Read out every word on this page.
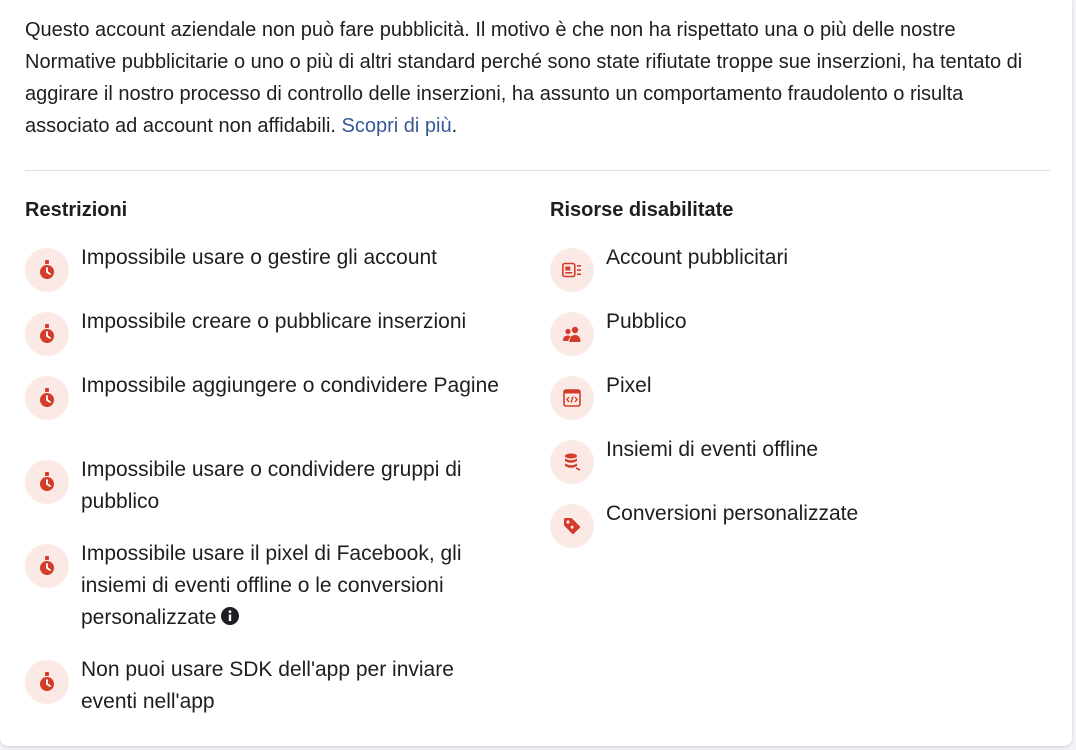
Questo account aziendale non può fare pubblicità. Il motivo è che non ha rispettato una o più delle nostre Normative pubblicitarie o uno o più di altri standard perché sono state rifiutate troppe sue inserzioni, ha tentato di aggirare il nostro processo di controllo delle inserzioni, ha assunto un comportamento fraudolento o risulta associato ad account non affidabili. Scopri di più.

Restrizioni
Impossibile usare o gestire gli account
Impossibile creare o pubblicare inserzioni
Impossibile aggiungere o condividere Pagine
Impossibile usare o condividere gruppi di pubblico
Impossibile usare il pixel di Facebook, gli insiemi di eventi offline o le conversioni personalizzate
Non puoi usare SDK dell'app per inviare eventi nell'app
Risorse disabilitate
Account pubblicitari
Pubblico
Pixel
Insiemi di eventi offline
Conversioni personalizzate
